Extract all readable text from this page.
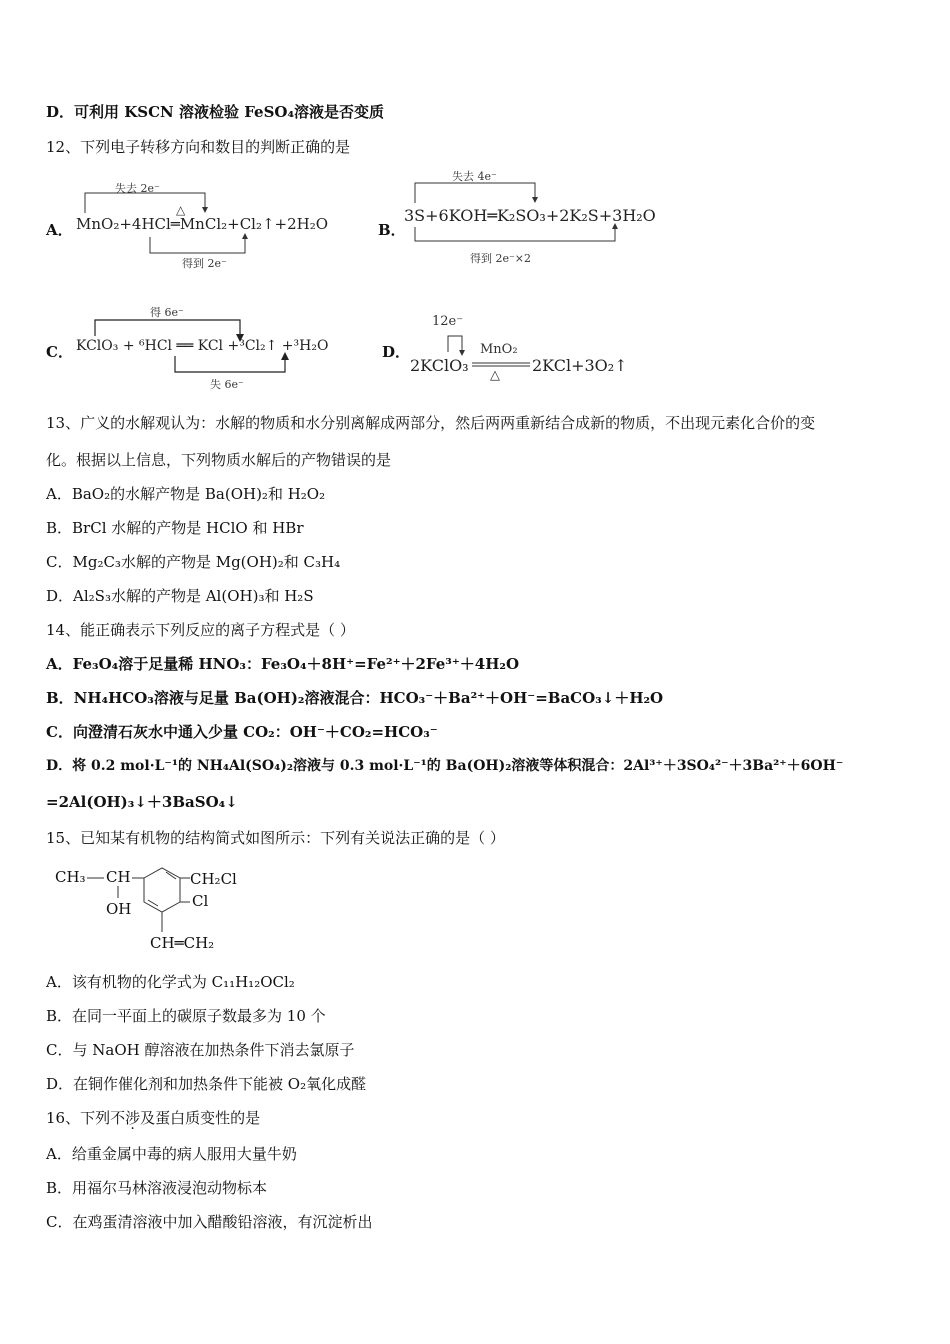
D．可利用 KSCN 溶液检验 FeSO₄溶液是否变质
12、下列电子转移方向和数目的判断正确的是
A．
失去 2e⁻
得到 2e⁻
△
MnO₂+4HCl═MnCl₂+Cl₂↑+2H₂O	B．
失去 4e⁻
得到 2e⁻×2
3S+6KOH═K₂SO₃+2K₂S+3H₂O
C．
得 6e⁻
失 6e⁻
KClO₃ + ⁶HCl ══ KCl +³Cl₂↑ +³H₂O	D．
12e⁻
MnO₂
△
2KClO₃	2KCl+3O₂↑
13、广义的水解观认为：水解的物质和水分别离解成两部分，然后两两重新结合成新的物质，不出现元素化合价的变
化。根据以上信息，下列物质水解后的产物错误的是
A．BaO₂的水解产物是 Ba(OH)₂和 H₂O₂
B．BrCl 水解的产物是 HClO 和 HBr
C．Mg₂C₃水解的产物是 Mg(OH)₂和 C₃H₄
D．Al₂S₃水解的产物是 Al(OH)₃和 H₂S
14、能正确表示下列反应的离子方程式是（ ）
A．Fe₃O₄溶于足量稀 HNO₃：Fe₃O₄＋8H⁺=Fe²⁺＋2Fe³⁺＋4H₂O
B．NH₄HCO₃溶液与足量 Ba(OH)₂溶液混合：HCO₃⁻＋Ba²⁺＋OH⁻=BaCO₃↓＋H₂O
C．向澄清石灰水中通入少量 CO₂：OH⁻＋CO₂=HCO₃⁻
D．将 0.2 mol·L⁻¹的 NH₄Al(SO₄)₂溶液与 0.3 mol·L⁻¹的 Ba(OH)₂溶液等体积混合：2Al³⁺＋3SO₄²⁻＋3Ba²⁺＋6OH⁻
=2Al(OH)₃↓＋3BaSO₄↓
15、已知某有机物的结构简式如图所示：下列有关说法正确的是（ ）
CH₃ CH
OH
CH₂Cl
Cl
CH═CH₂
A．该有机物的化学式为 C₁₁H₁₂OCl₂
B．在同一平面上的碳原子数最多为 10 个
C．与 NaOH 醇溶液在加热条件下消去氯原子
D．在铜作催化剂和加热条件下能被 O₂氧化成醛
16、下列不涉及蛋白质变性的是
A．给重金属中毒的病人服用大量牛奶
B．用福尔马林溶液浸泡动物标本
C．在鸡蛋清溶液中加入醋酸铅溶液，有沉淀析出
